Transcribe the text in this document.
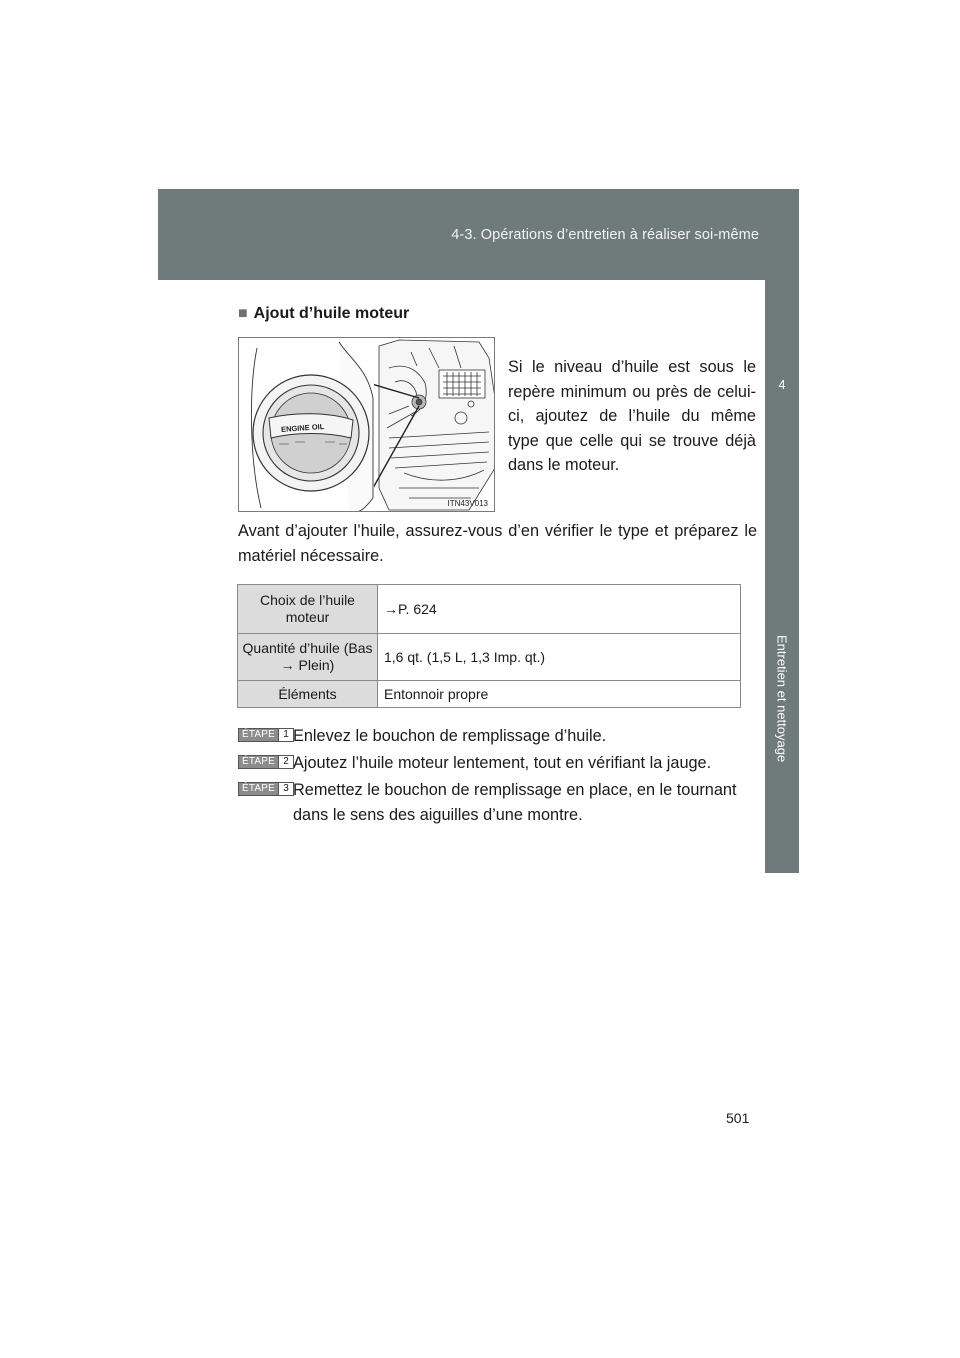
4-3. Opérations d’entretien à réaliser soi-même
4
Entretien et nettoyage
■ Ajout d’huile moteur
ENGINE OIL
ITN43V013
Si le niveau d’huile est sous le repère minimum ou près de celui-ci, ajoutez de l’huile du même type que celle qui se trouve déjà dans le moteur.
Avant d’ajouter l’huile, assurez-vous d’en vérifier le type et préparez le matériel nécessaire.
Choix de l’huile moteur	→P. 624
Quantité d’huile (Bas → Plein)	1,6 qt. (1,5 L, 1,3 Imp. qt.)
Éléments	Entonnoir propre
ÉTAPE 1 Enlevez le bouchon de remplissage d’huile.
ÉTAPE 2 Ajoutez l’huile moteur lentement, tout en vérifiant la jauge.
ÉTAPE 3 Remettez le bouchon de remplissage en place, en le tournant dans le sens des aiguilles d’une montre.
501
